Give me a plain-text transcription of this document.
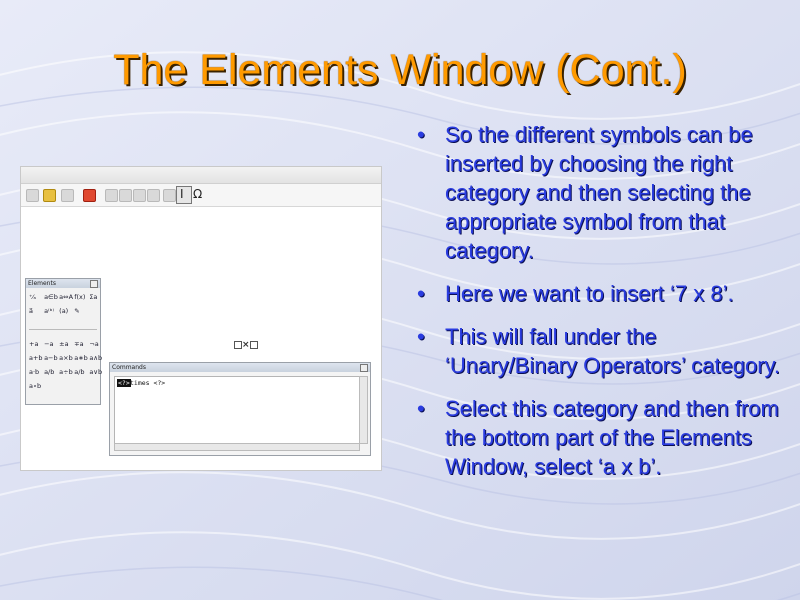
The Elements Window (Cont.)
I Ω
×
Elements
⁺⁄ₐ a∈b a⇔A f(x) Σa
a⃗ a⁽ᵇ⁾ (a) ✎
+a −a ±a ∓a ¬a
a+b a−b a×b a∗b a∧b
a·b a/b a÷b a/b a∨b
a∘b
Commands
<?> times <?>
• So the different symbols can be inserted by choosing the right category and then selecting the appropriate symbol from that category.
• Here we want to insert ‘7 x 8’.
• This will fall under the ‘Unary/Binary Operators’ category.
• Select this category and then from the bottom part of the Elements Window, select ‘a x b’.
